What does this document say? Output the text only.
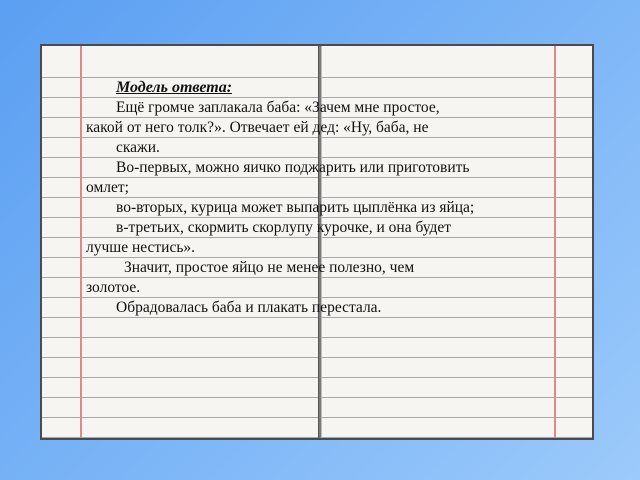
Модель ответа:
Ещё громче заплакала баба: «Зачем мне простое,
какой от него толк?». Отвечает ей дед: «Ну, баба, не
скажи.
Во-первых, можно яичко поджарить или приготовить
омлет;
во-вторых, курица может выпарить цыплёнка из яйца;
в-третьих, скормить скорлупу курочке, и она будет
лучше нестись».
Значит, простое яйцо не менее полезно, чем
золотое.
Обрадовалась баба и плакать перестала.
